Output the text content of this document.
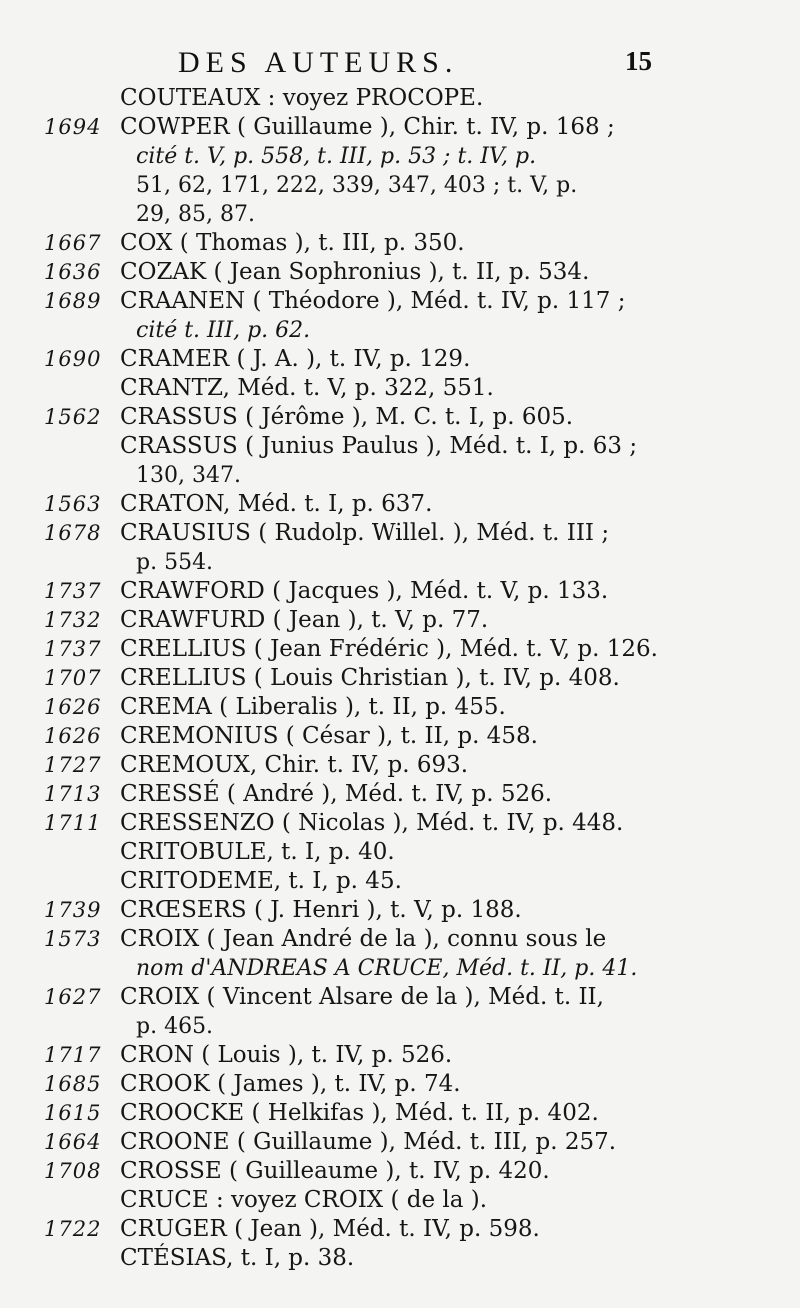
DES AUTEURS.	15
COUTEAUX : voyez PROCOPE.
1694 COWPER ( Guillaume ), Chir. t. IV, p. 168 ;
cité t. V, p. 558, t. III, p. 53 ; t. IV, p.
51, 62, 171, 222, 339, 347, 403 ; t. V, p.
29, 85, 87.
1667 COX ( Thomas ), t. III, p. 350.
1636 COZAK ( Jean Sophronius ), t. II, p. 534.
1689 CRAANEN ( Théodore ), Méd. t. IV, p. 117 ;
cité t. III, p. 62.
1690 CRAMER ( J. A. ), t. IV, p. 129.
CRANTZ, Méd. t. V, p. 322, 551.
1562 CRASSUS ( Jérôme ), M. C. t. I, p. 605.
CRASSUS ( Junius Paulus ), Méd. t. I, p. 63 ;
130, 347.
1563 CRATON, Méd. t. I, p. 637.
1678 CRAUSIUS ( Rudolp. Willel. ), Méd. t. III ;
p. 554.
1737 CRAWFORD ( Jacques ), Méd. t. V, p. 133.
1732 CRAWFURD ( Jean ), t. V, p. 77.
1737 CRELLIUS ( Jean Frédéric ), Méd. t. V, p. 126.
1707 CRELLIUS ( Louis Christian ), t. IV, p. 408.
1626 CREMA ( Liberalis ), t. II, p. 455.
1626 CREMONIUS ( César ), t. II, p. 458.
1727 CREMOUX, Chir. t. IV, p. 693.
1713 CRESSÉ ( André ), Méd. t. IV, p. 526.
1711 CRESSENZO ( Nicolas ), Méd. t. IV, p. 448.
CRITOBULE, t. I, p. 40.
CRITODEME, t. I, p. 45.
1739 CRŒSERS ( J. Henri ), t. V, p. 188.
1573 CROIX ( Jean André de la ), connu sous le
nom d'ANDREAS A CRUCE, Méd. t. II, p. 41.
1627 CROIX ( Vincent Alsare de la ), Méd. t. II,
p. 465.
1717 CRON ( Louis ), t. IV, p. 526.
1685 CROOK ( James ), t. IV, p. 74.
1615 CROOCKE ( Helkifas ), Méd. t. II, p. 402.
1664 CROONE ( Guillaume ), Méd. t. III, p. 257.
1708 CROSSE ( Guilleaume ), t. IV, p. 420.
CRUCE : voyez CROIX ( de la ).
1722 CRUGER ( Jean ), Méd. t. IV, p. 598.
CTÉSIAS, t. I, p. 38.
